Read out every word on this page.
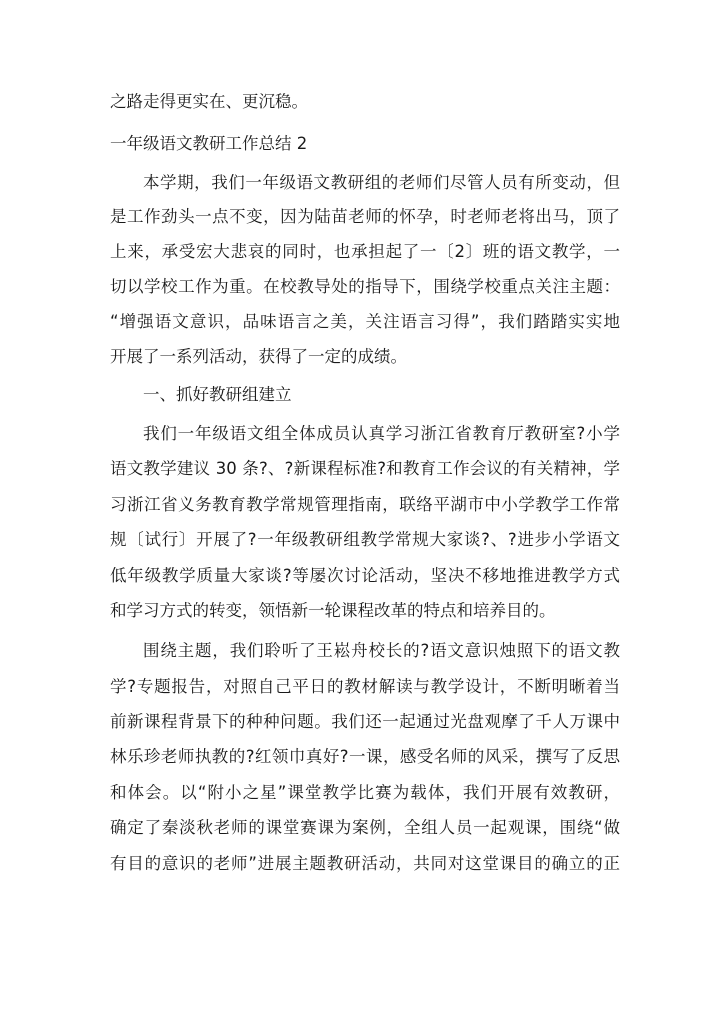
之路走得更实在、更沉稳。
一年级语文教研工作总结 2
本学期，我们一年级语文教研组的老师们尽管人员有所变动，但
是工作劲头一点不变，因为陆苗老师的怀孕，时老师老将出马，顶了
上来，承受宏大悲哀的同时，也承担起了一〔2〕班的语文教学，一
切以学校工作为重。在校教导处的指导下，围绕学校重点关注主题：
“增强语文意识，品味语言之美，关注语言习得”，我们踏踏实实地
开展了一系列活动，获得了一定的成绩。
一、抓好教研组建立
我们一年级语文组全体成员认真学习浙江省教育厅教研室?小学
语文教学建议 30 条?、?新课程标准?和教育工作会议的有关精神，学
习浙江省义务教育教学常规管理指南，联络平湖市中小学教学工作常
规〔试行〕开展了?一年级教研组教学常规大家谈?、?进步小学语文
低年级教学质量大家谈?等屡次讨论活动，坚决不移地推进教学方式
和学习方式的转变，领悟新一轮课程改革的特点和培养目的。
围绕主题，我们聆听了王崧舟校长的?语文意识烛照下的语文教
学?专题报告，对照自己平日的教材解读与教学设计，不断明晰着当
前新课程背景下的种种问题。我们还一起通过光盘观摩了千人万课中
林乐珍老师执教的?红领巾真好?一课，感受名师的风采，撰写了反思
和体会。以“附小之星”课堂教学比赛为载体，我们开展有效教研，
确定了秦淡秋老师的课堂赛课为案例，全组人员一起观课，围绕“做
有目的意识的老师”进展主题教研活动，共同对这堂课目的确立的正
